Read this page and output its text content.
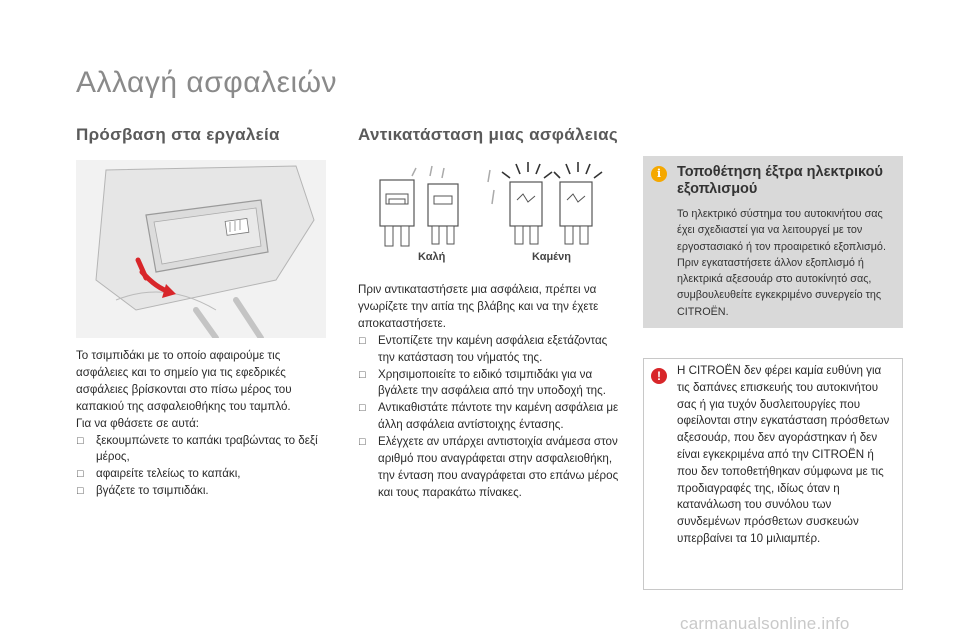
Αλλαγή ασφαλειών
Πρόσβαση στα εργαλεία	Αντικατάσταση μιας ασφάλειας

Το τσιμπιδάκι με το οποίο αφαιρούμε τις ασφάλειες και το σημείο για τις εφεδρικές ασφάλειες βρίσκονται στο πίσω μέρος του καπακιού της ασφαλειοθήκης του ταμπλό.

Για να φθάσετε σε αυτά:

□ ξεκουμπώνετε το καπάκι τραβώντας το δεξί μέρος,
□ αφαιρείτε τελείως το καπάκι,
□ βγάζετε το τσιμπιδάκι.
Καλή	Καμένη

Πριν αντικαταστήσετε μια ασφάλεια, πρέπει να γνωρίζετε την αιτία της βλάβης και να την έχετε αποκαταστήσετε.

□ Εντοπίζετε την καμένη ασφάλεια εξετάζοντας την κατάσταση του νήματός της.
□ Χρησιμοποιείτε το ειδικό τσιμπιδάκι για να βγάλετε την ασφάλεια από την υποδοχή της.
□ Αντικαθιστάτε πάντοτε την καμένη ασφάλεια με άλλη ασφάλεια αντίστοιχης έντασης.
□ Ελέγχετε αν υπάρχει αντιστοιχία ανάμεσα στον αριθμό που αναγράφεται στην ασφαλειοθήκη, την ένταση που αναγράφεται στο επάνω μέρος και τους παρακάτω πίνακες.
i	Τοποθέτηση έξτρα ηλεκτρικού εξοπλισμού
Το ηλεκτρικό σύστημα του αυτοκινήτου σας έχει σχεδιαστεί για να λειτουργεί με τον εργοστασιακό ή τον προαιρετικό εξοπλισμό. Πριν εγκαταστήσετε άλλον εξοπλισμό ή ηλεκτρικά αξεσουάρ στο αυτοκίνητό σας, συμβουλευθείτε εγκεκριμένο συνεργείο της CITROËN.
!	Η CITROËN δεν φέρει καμία ευθύνη για τις δαπάνες επισκευής του αυτοκινήτου σας ή για τυχόν δυσλειτουργίες που οφείλονται στην εγκατάσταση πρόσθετων αξεσουάρ, που δεν αγοράστηκαν ή δεν είναι εγκεκριμένα από την CITROËN ή που δεν τοποθετήθηκαν σύμφωνα με τις προδιαγραφές της, ιδίως όταν η κατανάλωση του συνόλου των συνδεμένων πρόσθετων συσκευών υπερβαίνει τα 10 μιλιαμπέρ.
carmanualsonline.info
